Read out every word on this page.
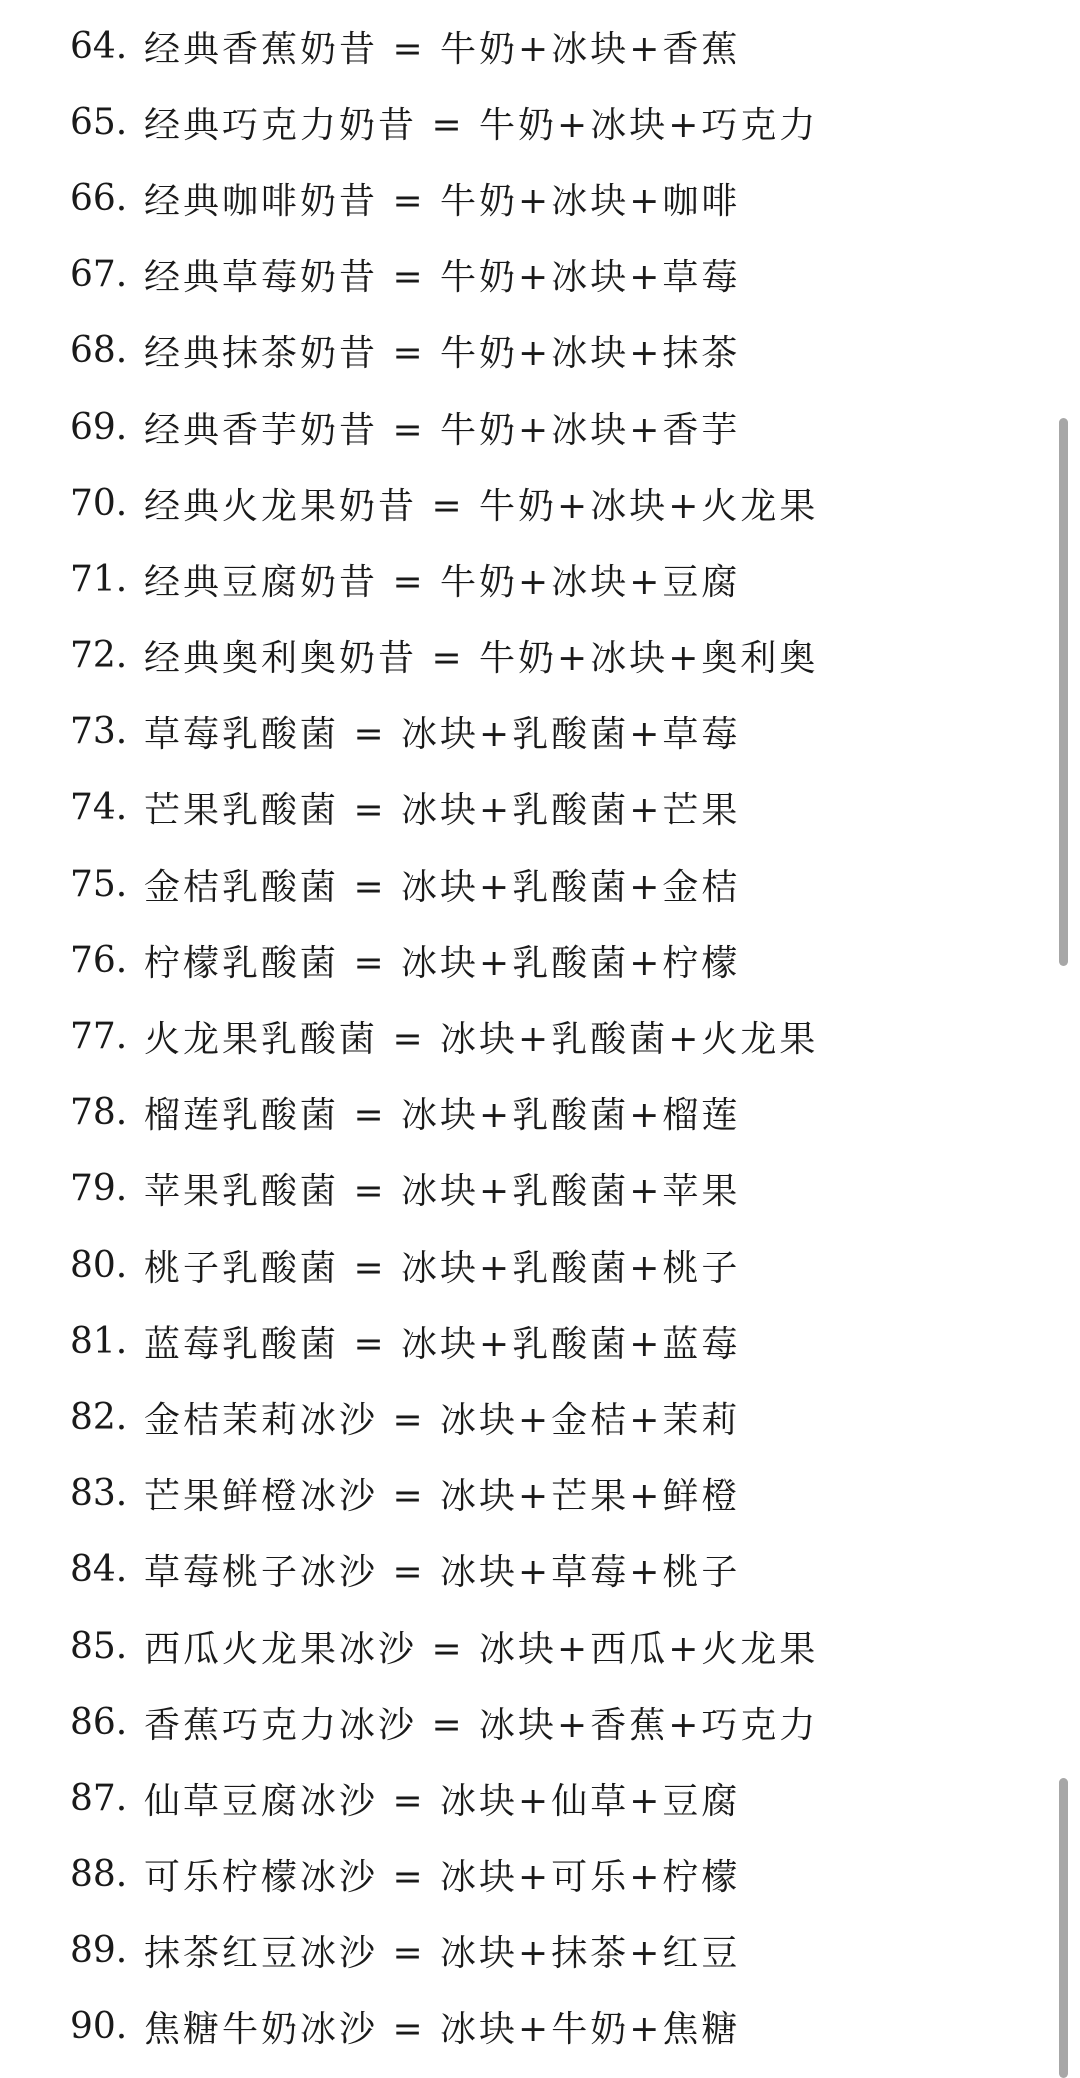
64. 经典香蕉奶昔 = 牛奶+冰块+香蕉
65. 经典巧克力奶昔 = 牛奶+冰块+巧克力
66. 经典咖啡奶昔 = 牛奶+冰块+咖啡
67. 经典草莓奶昔 = 牛奶+冰块+草莓
68. 经典抹茶奶昔 = 牛奶+冰块+抹茶
69. 经典香芋奶昔 = 牛奶+冰块+香芋
70. 经典火龙果奶昔 = 牛奶+冰块+火龙果
71. 经典豆腐奶昔 = 牛奶+冰块+豆腐
72. 经典奥利奥奶昔 = 牛奶+冰块+奥利奥
73. 草莓乳酸菌 = 冰块+乳酸菌+草莓
74. 芒果乳酸菌 = 冰块+乳酸菌+芒果
75. 金桔乳酸菌 = 冰块+乳酸菌+金桔
76. 柠檬乳酸菌 = 冰块+乳酸菌+柠檬
77. 火龙果乳酸菌 = 冰块+乳酸菌+火龙果
78. 榴莲乳酸菌 = 冰块+乳酸菌+榴莲
79. 苹果乳酸菌 = 冰块+乳酸菌+苹果
80. 桃子乳酸菌 = 冰块+乳酸菌+桃子
81. 蓝莓乳酸菌 = 冰块+乳酸菌+蓝莓
82. 金桔茉莉冰沙 = 冰块+金桔+茉莉
83. 芒果鲜橙冰沙 = 冰块+芒果+鲜橙
84. 草莓桃子冰沙 = 冰块+草莓+桃子
85. 西瓜火龙果冰沙 = 冰块+西瓜+火龙果
86. 香蕉巧克力冰沙 = 冰块+香蕉+巧克力
87. 仙草豆腐冰沙 = 冰块+仙草+豆腐
88. 可乐柠檬冰沙 = 冰块+可乐+柠檬
89. 抹茶红豆冰沙 = 冰块+抹茶+红豆
90. 焦糖牛奶冰沙 = 冰块+牛奶+焦糖
